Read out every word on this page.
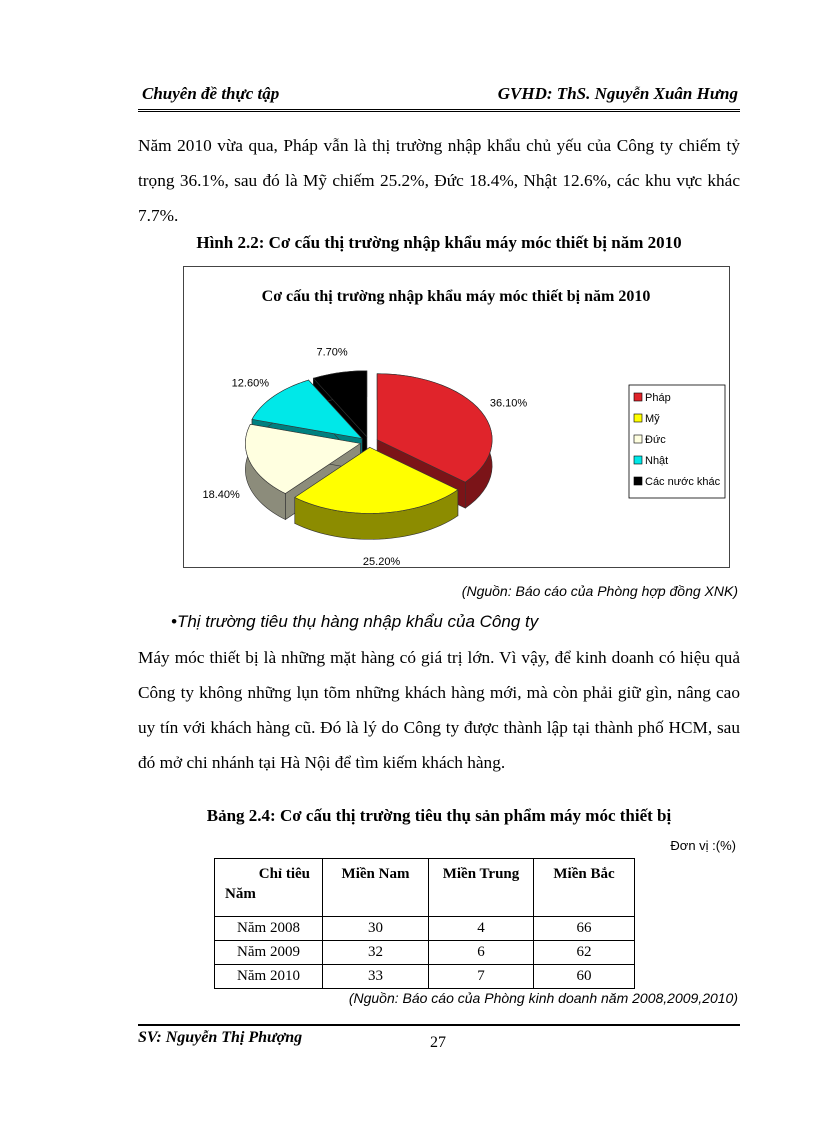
Chuyên đề thực tập	GVHD: ThS. Nguyễn Xuân Hưng

Năm 2010 vừa qua, Pháp vẫn là thị trường nhập khẩu chủ yếu của Công ty chiếm tỷ trọng 36.1%, sau đó là Mỹ chiếm 25.2%, Đức 18.4%, Nhật 12.6%, các khu vực khác 7.7%.

Hình 2.2: Cơ cấu thị trường nhập khẩu máy móc thiết bị năm 2010
Cơ cấu thị trường nhập khẩu máy móc thiết bị năm 2010
36.10%
25.20%
18.40%
12.60%
7.70%
Pháp
Mỹ
Đức
Nhật
Các nước khác
(Nguồn: Báo cáo của Phòng hợp đồng XNK)
•Thị trường tiêu thụ hàng nhập khẩu của Công ty

Máy móc thiết bị là những mặt hàng có giá trị lớn. Vì vậy, để kinh doanh có hiệu quả Công ty không những lụn tõm những khách hàng mới, mà còn phải giữ gìn, nâng cao uy tín với khách hàng cũ. Đó là lý do Công ty được thành lập tại thành phố HCM, sau đó mở chi nhánh tại Hà Nội để tìm kiếm khách hàng.

Bảng 2.4: Cơ cấu thị trường tiêu thụ sản phẩm máy móc thiết bị
Đơn vị :(%)
Chỉ tiêu
Năm	Miền Nam	Miền Trung	Miền Bắc
Năm 2008	30	4	66
Năm 2009	32	6	62
Năm 2010	33	7	60
(Nguồn: Báo cáo của Phòng kinh doanh năm 2008,2009,2010)
SV: Nguyễn Thị Phượng	27
